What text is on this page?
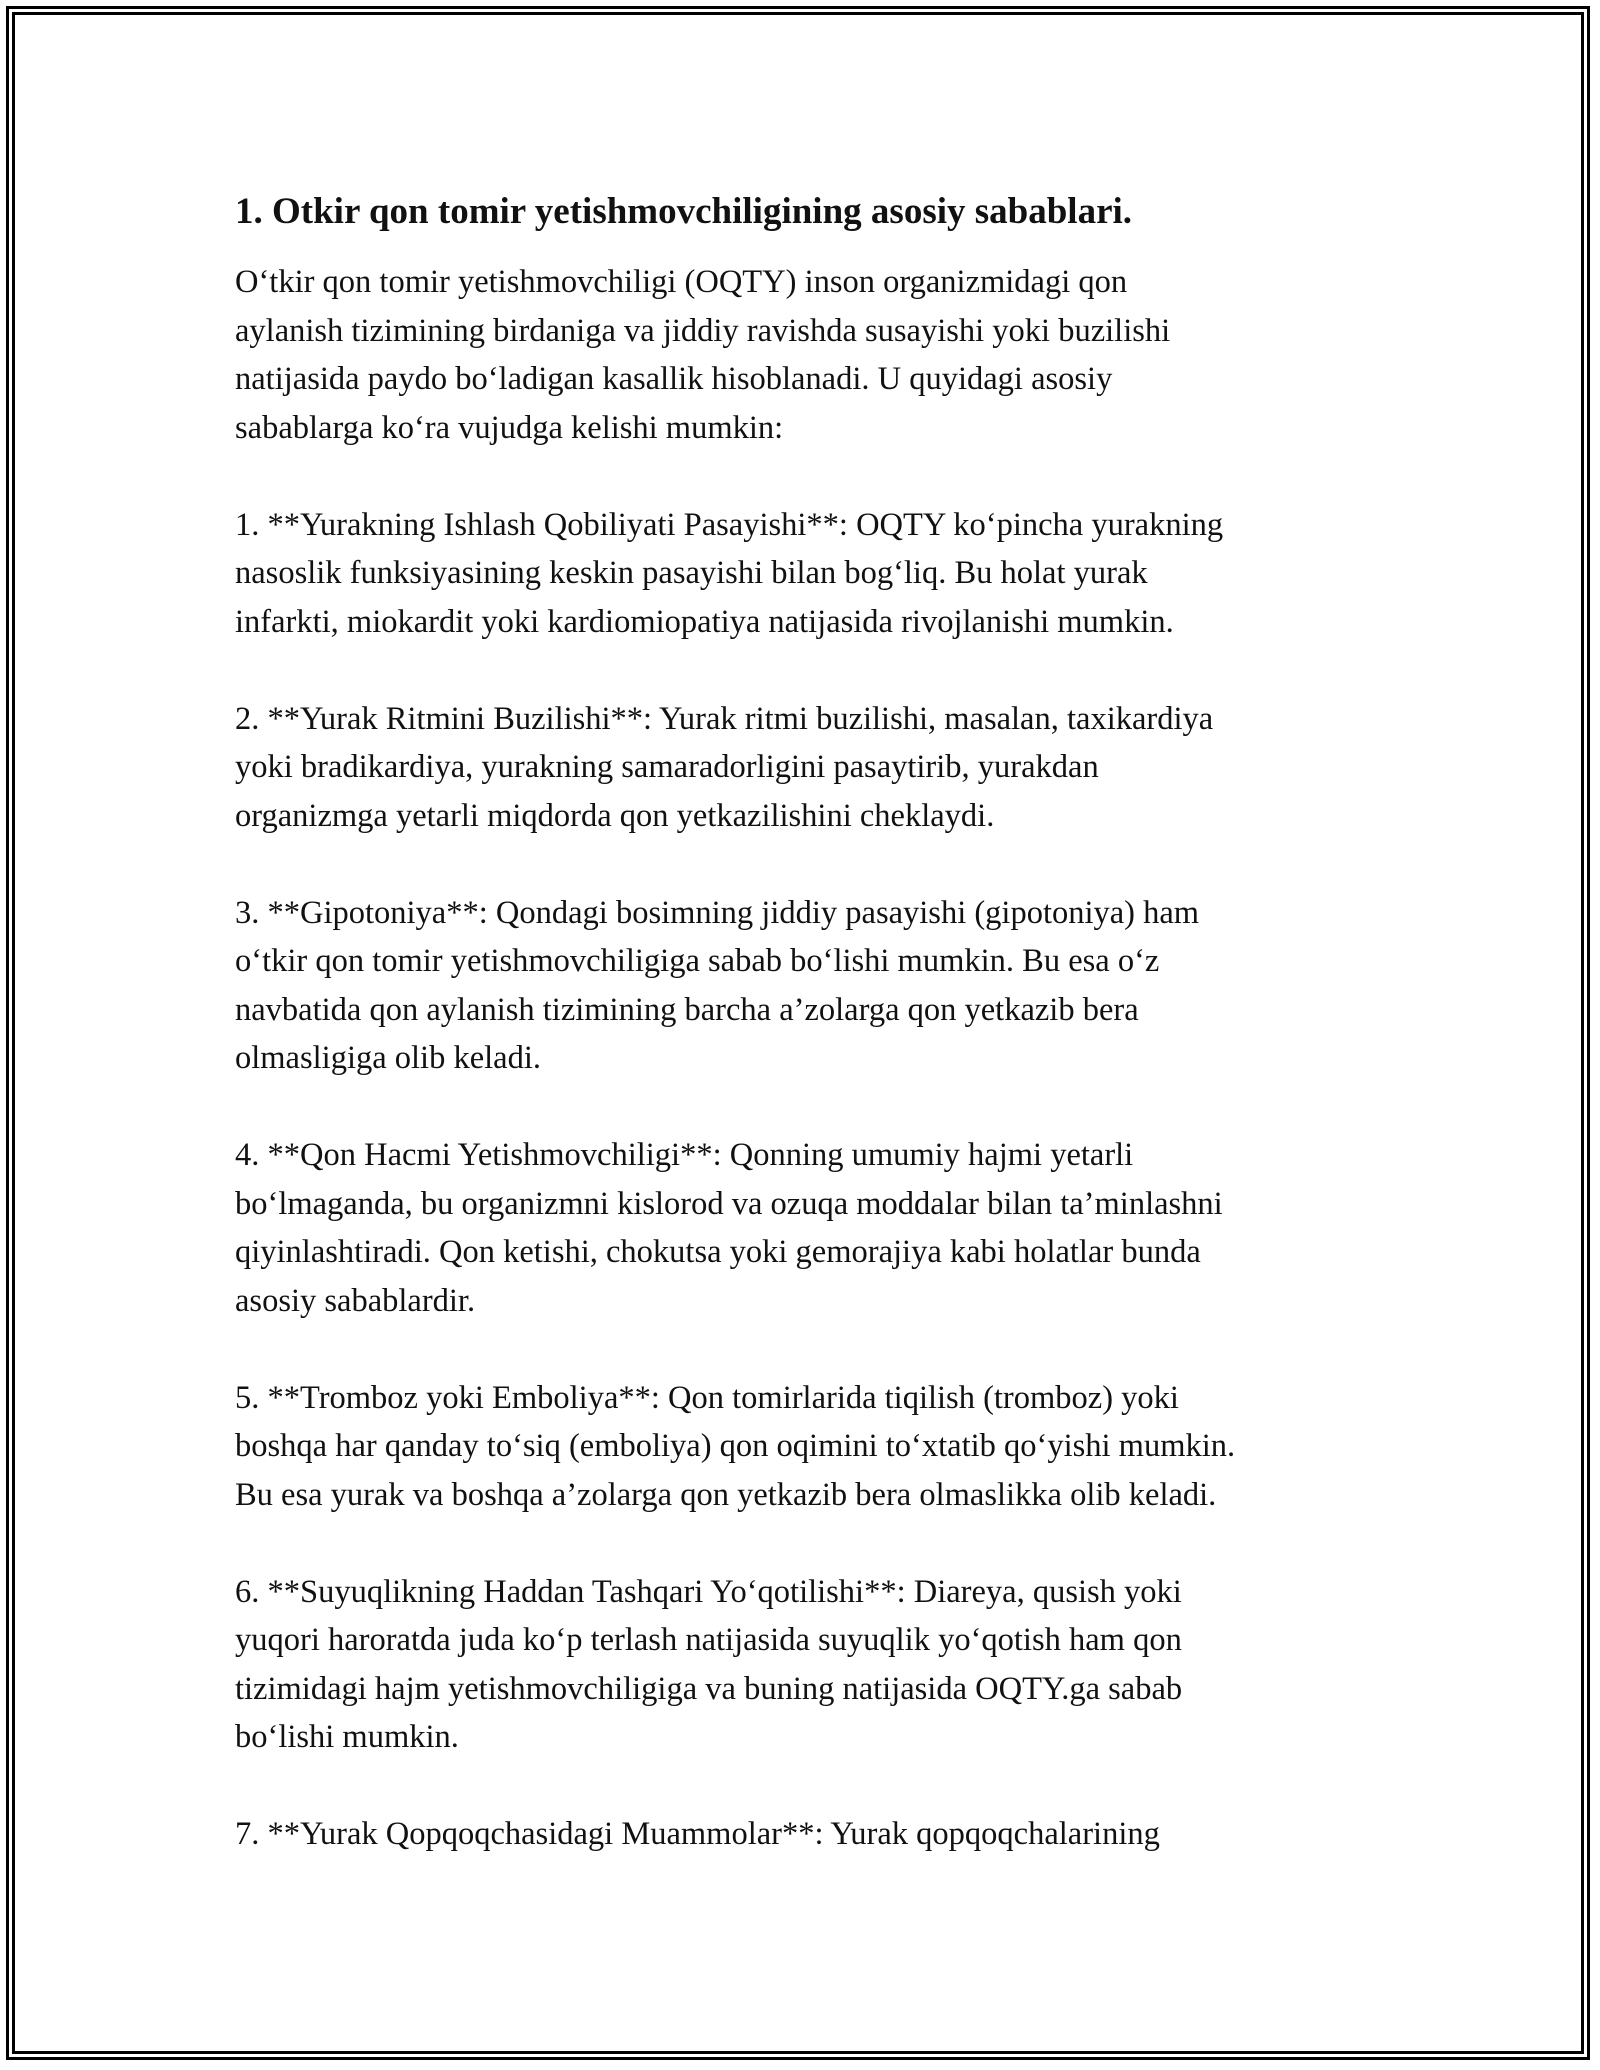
1. Otkir qon tomir yetishmovchiligining asosiy sabablari.
O‘tkir qon tomir yetishmovchiligi (OQTY) inson organizmidagi qon
aylanish tizimining birdaniga va jiddiy ravishda susayishi yoki buzilishi
natijasida paydo bo‘ladigan kasallik hisoblanadi. U quyidagi asosiy
sabablarga ko‘ra vujudga kelishi mumkin:
1. **Yurakning Ishlash Qobiliyati Pasayishi**: OQTY ko‘pincha yurakning
nasoslik funksiyasining keskin pasayishi bilan bog‘liq. Bu holat yurak
infarkti, miokardit yoki kardiomiopatiya natijasida rivojlanishi mumkin.
2. **Yurak Ritmini Buzilishi**: Yurak ritmi buzilishi, masalan, taxikardiya
yoki bradikardiya, yurakning samaradorligini pasaytirib, yurakdan
organizmga yetarli miqdorda qon yetkazilishini cheklaydi.
3. **Gipotoniya**: Qondagi bosimning jiddiy pasayishi (gipotoniya) ham
o‘tkir qon tomir yetishmovchiligiga sabab bo‘lishi mumkin. Bu esa o‘z
navbatida qon aylanish tizimining barcha a’zolarga qon yetkazib bera
olmasligiga olib keladi.
4. **Qon Hacmi Yetishmovchiligi**: Qonning umumiy hajmi yetarli
bo‘lmaganda, bu organizmni kislorod va ozuqa moddalar bilan ta’minlashni
qiyinlashtiradi. Qon ketishi, chokutsa yoki gemorajiya kabi holatlar bunda
asosiy sabablardir.
5. **Tromboz yoki Emboliya**: Qon tomirlarida tiqilish (tromboz) yoki
boshqa har qanday to‘siq (emboliya) qon oqimini to‘xtatib qo‘yishi mumkin.
Bu esa yurak va boshqa a’zolarga qon yetkazib bera olmaslikka olib keladi.
6. **Suyuqlikning Haddan Tashqari Yo‘qotilishi**: Diareya, qusish yoki
yuqori haroratda juda ko‘p terlash natijasida suyuqlik yo‘qotish ham qon
tizimidagi hajm yetishmovchiligiga va buning natijasida OQTY.ga sabab
bo‘lishi mumkin.
7. **Yurak Qopqoqchasidagi Muammolar**: Yurak qopqoqchalarining
